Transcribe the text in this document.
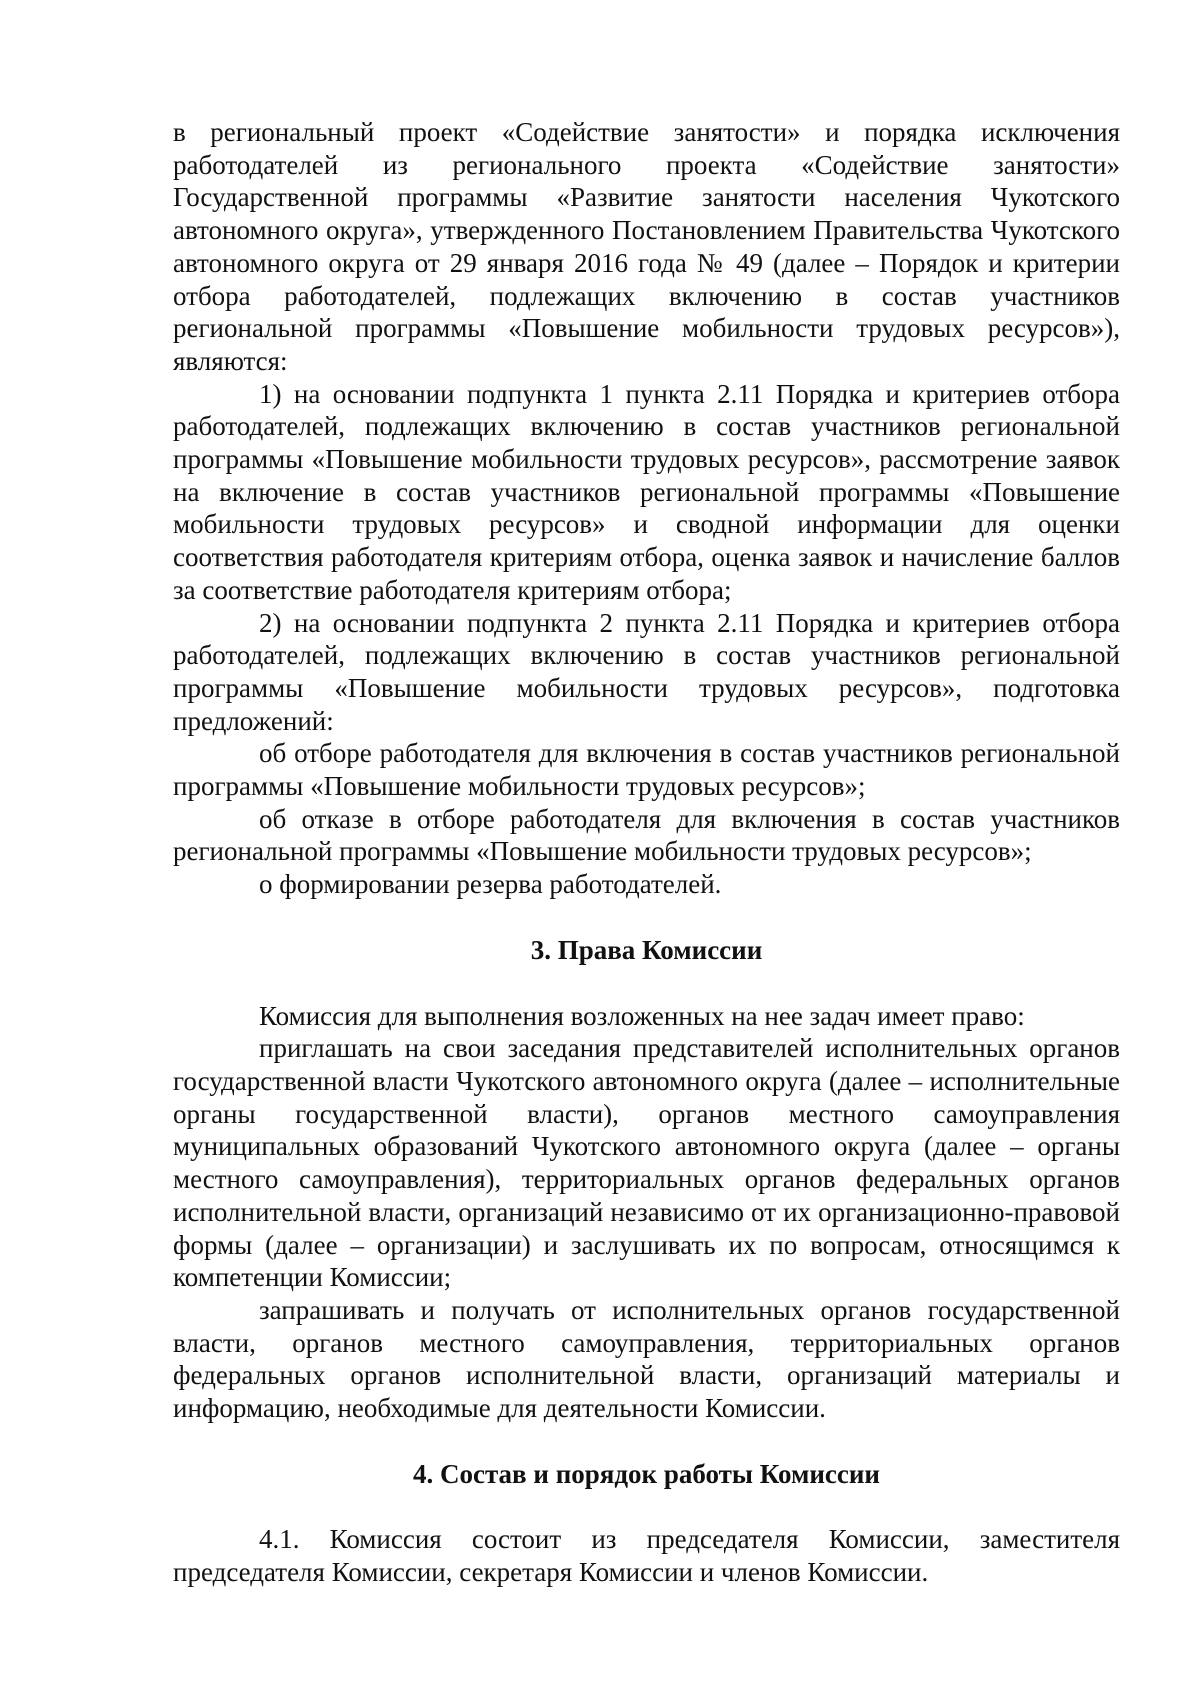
в региональный проект «Содействие занятости» и порядка исключения работодателей из регионального проекта «Содействие занятости» Государственной программы «Развитие занятости населения Чукотского автономного округа», утвержденного Постановлением Правительства Чукотского автономного округа от 29 января 2016 года № 49 (далее – Порядок и критерии отбора работодателей, подлежащих включению в состав участников региональной программы «Повышение мобильности трудовых ресурсов»), являются:

1) на основании подпункта 1 пункта 2.11 Порядка и критериев отбора работодателей, подлежащих включению в состав участников региональной программы «Повышение мобильности трудовых ресурсов», рассмотрение заявок на включение в состав участников региональной программы «Повышение мобильности трудовых ресурсов» и сводной информации для оценки соответствия работодателя критериям отбора, оценка заявок и начисление баллов за соответствие работодателя критериям отбора;

2) на основании подпункта 2 пункта 2.11 Порядка и критериев отбора работодателей, подлежащих включению в состав участников региональной программы «Повышение мобильности трудовых ресурсов», подготовка предложений:

об отборе работодателя для включения в состав участников региональной программы «Повышение мобильности трудовых ресурсов»;

об отказе в отборе работодателя для включения в состав участников региональной программы «Повышение мобильности трудовых ресурсов»;

о формировании резерва работодателей.

3. Права Комиссии

Комиссия для выполнения возложенных на нее задач имеет право:

приглашать на свои заседания представителей исполнительных органов государственной власти Чукотского автономного округа (далее – исполнительные органы государственной власти), органов местного самоуправления муниципальных образований Чукотского автономного округа (далее – органы местного самоуправления), территориальных органов федеральных органов исполнительной власти, организаций независимо от их организационно-правовой формы (далее – организации) и заслушивать их по вопросам, относящимся к компетенции Комиссии;

запрашивать и получать от исполнительных органов государственной власти, органов местного самоуправления, территориальных органов федеральных органов исполнительной власти, организаций материалы и информацию, необходимые для деятельности Комиссии.

4. Состав и порядок работы Комиссии

4.1. Комиссия состоит из председателя Комиссии, заместителя председателя Комиссии, секретаря Комиссии и членов Комиссии.
